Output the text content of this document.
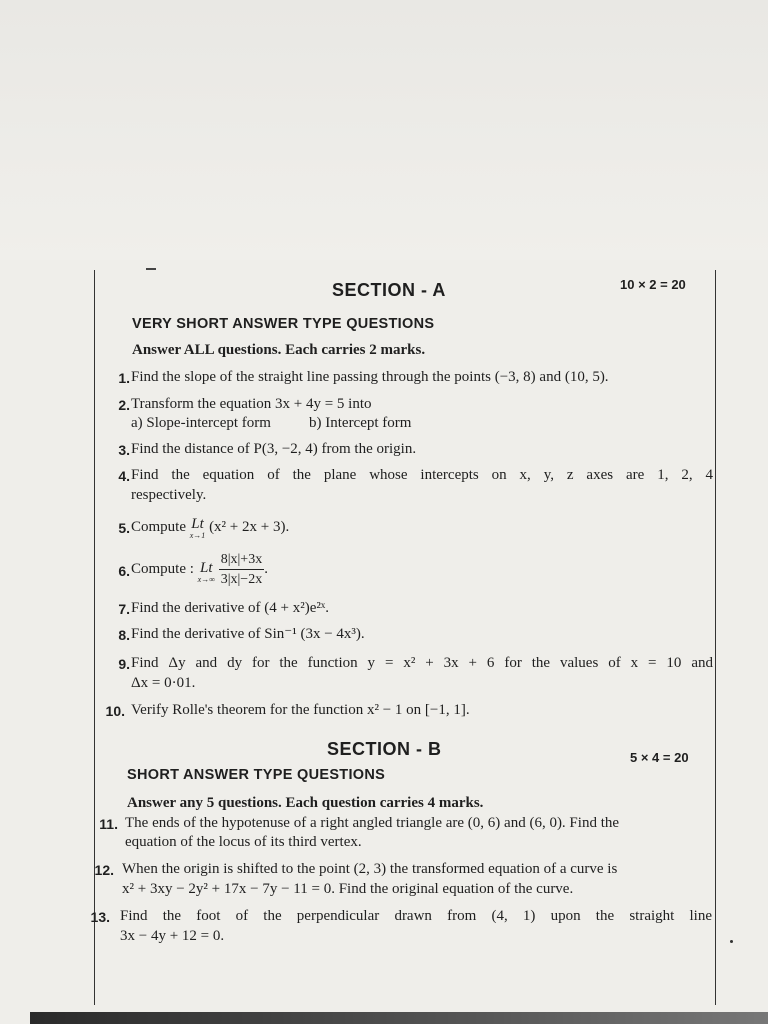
SECTION - A	10 × 2 = 20
VERY SHORT ANSWER TYPE QUESTIONS
Answer ALL questions. Each carries 2 marks.
1. Find the slope of the straight line passing through the points (−3, 8) and (10, 5).
2. Transform the equation 3x + 4y = 5 into
a) Slope-intercept form	b) Intercept form
3. Find the distance of P(3, −2, 4) from the origin.
4. Find the equation of the plane whose intercepts on x, y, z axes are 1, 2, 4
respectively.
5. Compute Lt
x→1
(x² + 2x + 3).
6. Compute : Lt
x→∞
$\frac{8|x|+3x}{3|x|-2x}$ .
7. Find the derivative of (4 + x²)e²ˣ.
8. Find the derivative of Sin⁻¹ (3x − 4x³).
9. Find Δy and dy for the function y = x² + 3x + 6 for the values of x = 10 and
Δx = 0·01.
10. Verify Rolle's theorem for the function x² − 1 on [−1, 1].
SECTION - B	5 × 4 = 20
SHORT ANSWER TYPE QUESTIONS
Answer any 5 questions. Each question carries 4 marks.
11. The ends of the hypotenuse of a right angled triangle are (0, 6) and (6, 0). Find the
equation of the locus of its third vertex.
12. When the origin is shifted to the point (2, 3) the transformed equation of a curve is
x² + 3xy − 2y² + 17x − 7y − 11 = 0. Find the original equation of the curve.
13. Find the foot of the perpendicular drawn from (4, 1) upon the straight line
3x − 4y + 12 = 0.
